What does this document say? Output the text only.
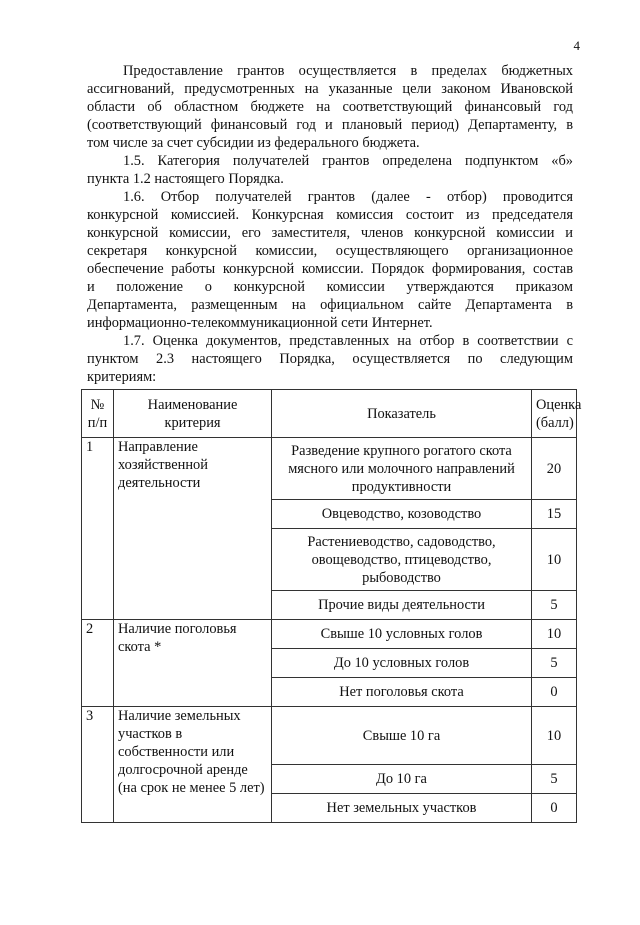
4
Предоставление грантов осуществляется в пределах бюджетных
ассигнований, предусмотренных на указанные цели законом Ивановской
области об областном бюджете на соответствующий финансовый год
(соответствующий финансовый год и плановый период) Департаменту, в
том числе за счет субсидии из федерального бюджета.
1.5. Категория получателей грантов определена подпунктом «б»
пункта 1.2 настоящего Порядка.
1.6. Отбор получателей грантов (далее - отбор) проводится
конкурсной комиссией. Конкурсная комиссия состоит из председателя
конкурсной комиссии, его заместителя, членов конкурсной комиссии и
секретаря конкурсной комиссии, осуществляющего организационное
обеспечение работы конкурсной комиссии. Порядок формирования, состав
и положение о конкурсной комиссии утверждаются приказом
Департамента, размещенным на официальном сайте Департамента в
информационно-телекоммуникационной сети Интернет.
1.7. Оценка документов, представленных на отбор в соответствии с
пунктом 2.3 настоящего Порядка, осуществляется по следующим
критериям:
№ п/п	Наименование критерия	Показатель	Оценка (балл)
1	Направление хозяйственной деятельности	Разведение крупного рогатого скота мясного или молочного направлений продуктивности	20
		Овцеводство, козоводство	15
		Растениеводство, садоводство, овощеводство, птицеводство, рыбоводство	10
		Прочие виды деятельности	5
2	Наличие поголовья скота *	Свыше 10 условных голов	10
		До 10 условных голов	5
		Нет поголовья скота	0
3	Наличие земельных участков в собственности или долгосрочной аренде (на срок не менее 5 лет)	Свыше 10 га	10
		До 10 га	5
		Нет земельных участков	0
